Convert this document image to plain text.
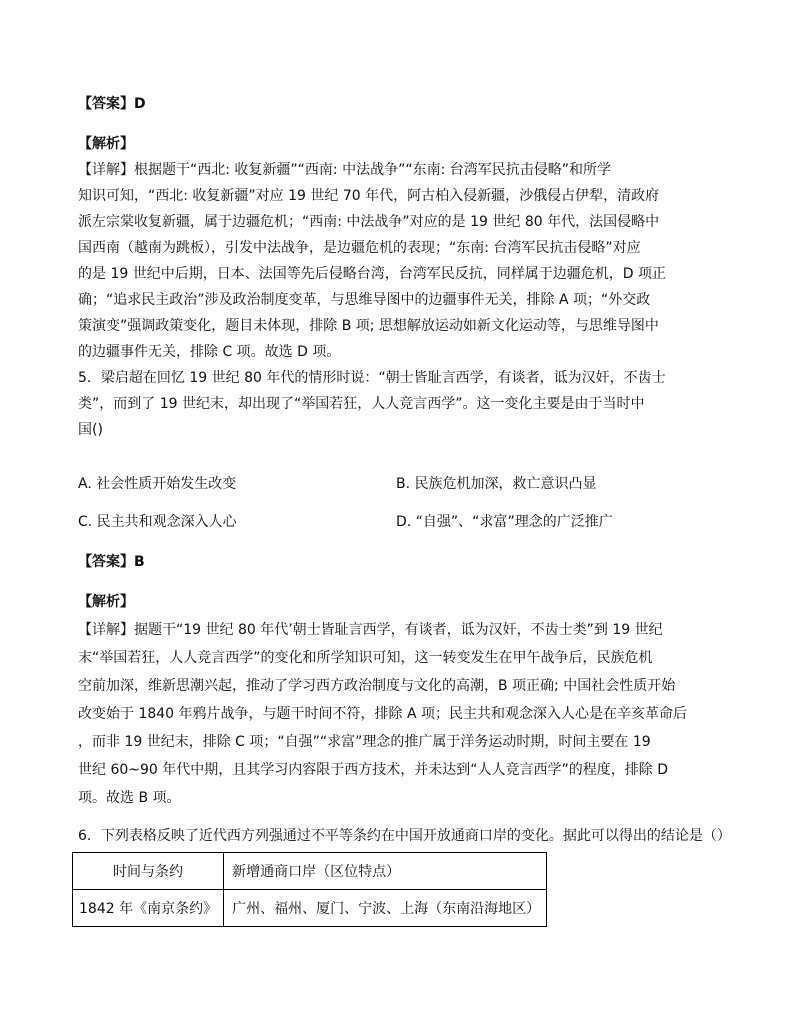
【答案】D
【解析】
【详解】根据题干“西北: 收复新疆”“西南: 中法战争”“东南: 台湾军民抗击侵略”和所学
知识可知，“西北: 收复新疆”对应 19 世纪 70 年代，阿古柏入侵新疆，沙俄侵占伊犁，清政府
派左宗棠收复新疆，属于边疆危机；“西南: 中法战争”对应的是 19 世纪 80 年代，法国侵略中
国西南（越南为跳板），引发中法战争，是边疆危机的表现；“东南: 台湾军民抗击侵略”对应
的是 19 世纪中后期，日本、法国等先后侵略台湾，台湾军民反抗，同样属于边疆危机，D 项正
确；“追求民主政治”涉及政治制度变革，与思维导图中的边疆事件无关，排除 A 项；“外交政
策演变”强调政策变化，题目未体现，排除 B 项; 思想解放运动如新文化运动等，与思维导图中
的边疆事件无关，排除 C 项。故选 D 项。
5．梁启超在回忆 19 世纪 80 年代的情形时说：“朝士皆耻言西学，有谈者，诋为汉奸，不齿士
类”，而到了 19 世纪末，却出现了“举国若狂，人人竞言西学”。这一变化主要是由于当时中
国()
A. 社会性质开始发生改变	B. 民族危机加深，救亡意识凸显
C. 民主共和观念深入人心	D. “自强”、“求富”理念的广泛推广
【答案】B
【解析】
【详解】据题干“19 世纪 80 年代’朝士皆耻言西学，有谈者，诋为汉奸，不齿士类”到 19 世纪
末“举国若狂，人人竞言西学”的变化和所学知识可知，这一转变发生在甲午战争后，民族危机
空前加深，维新思潮兴起，推动了学习西方政治制度与文化的高潮，B 项正确; 中国社会性质开始
改变始于 1840 年鸦片战争，与题干时间不符，排除 A 项；民主共和观念深入人心是在辛亥革命后
，而非 19 世纪末，排除 C 项；“自强”“求富”理念的推广属于洋务运动时期，时间主要在 19
世纪 60~90 年代中期，且其学习内容限于西方技术，并未达到“人人竞言西学”的程度，排除 D
项。故选 B 项。
6．下列表格反映了近代西方列强通过不平等条约在中国开放通商口岸的变化。据此可以得出的结论是（）
时间与条约	新增通商口岸（区位特点）
1842 年《南京条约》	广州、福州、厦门、宁波、上海（东南沿海地区）
